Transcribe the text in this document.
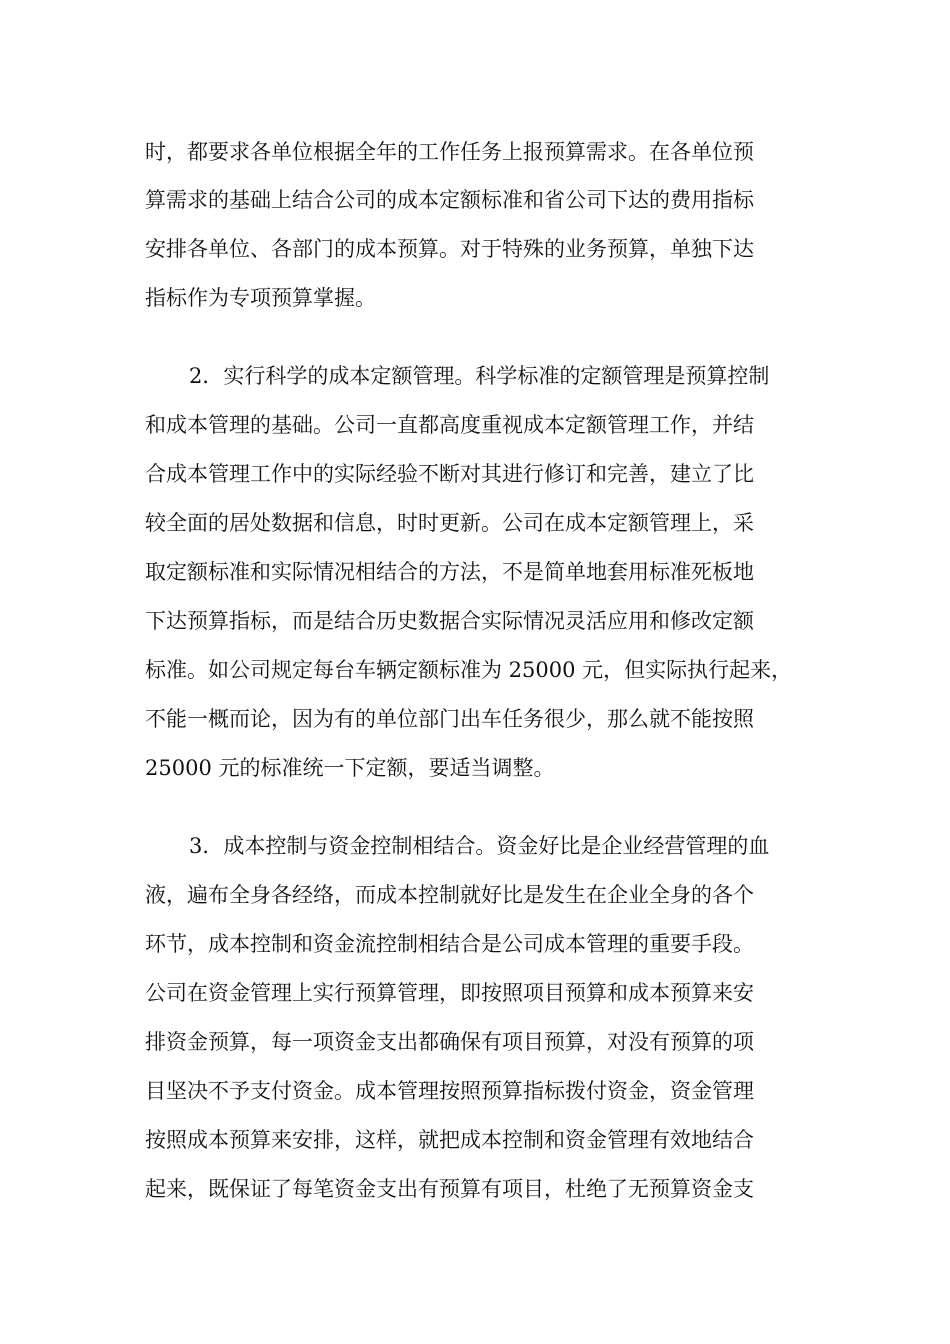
时，都要求各单位根据全年的工作任务上报预算需求。在各单位预
算需求的基础上结合公司的成本定额标准和省公司下达的费用指标
安排各单位、各部门的成本预算。对于特殊的业务预算，单独下达
指标作为专项预算掌握。
2．实行科学的成本定额管理。科学标准的定额管理是预算控制
和成本管理的基础。公司一直都高度重视成本定额管理工作，并结
合成本管理工作中的实际经验不断对其进行修订和完善，建立了比
较全面的居处数据和信息，时时更新。公司在成本定额管理上，采
取定额标准和实际情况相结合的方法，不是简单地套用标准死板地
下达预算指标，而是结合历史数据合实际情况灵活应用和修改定额
标准。如公司规定每台车辆定额标准为 25000 元，但实际执行起来，
不能一概而论，因为有的单位部门出车任务很少，那么就不能按照
25000 元的标准统一下定额，要适当调整。
3．成本控制与资金控制相结合。资金好比是企业经营管理的血
液，遍布全身各经络，而成本控制就好比是发生在企业全身的各个
环节，成本控制和资金流控制相结合是公司成本管理的重要手段。
公司在资金管理上实行预算管理，即按照项目预算和成本预算来安
排资金预算，每一项资金支出都确保有项目预算，对没有预算的项
目坚决不予支付资金。成本管理按照预算指标拨付资金，资金管理
按照成本预算来安排，这样，就把成本控制和资金管理有效地结合
起来，既保证了每笔资金支出有预算有项目，杜绝了无预算资金支
